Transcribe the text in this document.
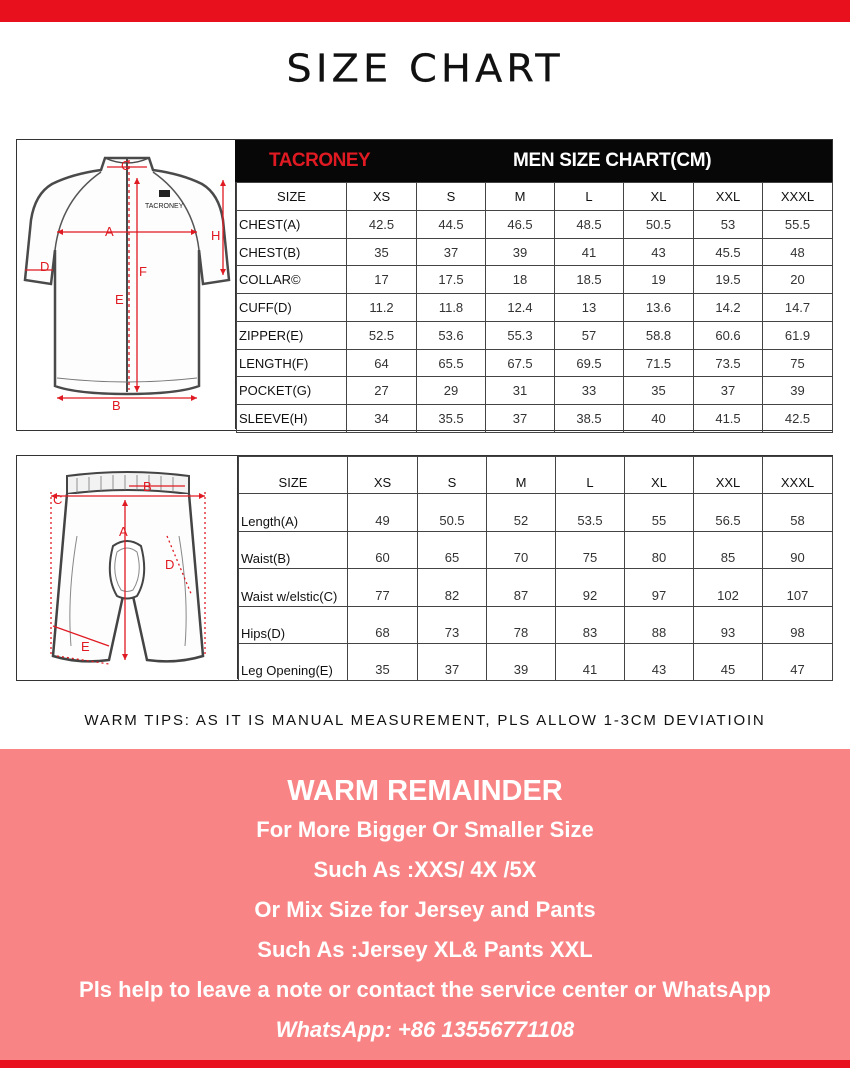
SIZE CHART
TACRONEY
C
A
D	F
E
H
B
TACRONEY	MEN SIZE CHART(CM)
SIZE	XS	S	M	L	XL	XXL	XXXL
CHEST(A)	42.5	44.5	46.5	48.5	50.5	53	55.5
CHEST(B)	35	37	39	41	43	45.5	48
COLLAR©	17	17.5	18	18.5	19	19.5	20
CUFF(D)	11.2	11.8	12.4	13	13.6	14.2	14.7
ZIPPER(E)	52.5	53.6	55.3	57	58.8	60.6	61.9
LENGTH(F)	64	65.5	67.5	69.5	71.5	73.5	75
POCKET(G)	27	29	31	33	35	37	39
SLEEVE(H)	34	35.5	37	38.5	40	41.5	42.5
C
B
A
D
E
SIZE	XS	S	M	L	XL	XXL	XXXL
Length(A)	49	50.5	52	53.5	55	56.5	58
Waist(B)	60	65	70	75	80	85	90
Waist w/elstic(C)	77	82	87	92	97	102	107
Hips(D)	68	73	78	83	88	93	98
Leg Opening(E)	35	37	39	41	43	45	47
WARM TIPS: AS IT IS MANUAL MEASUREMENT, PLS ALLOW 1-3CM DEVIATIOIN
WARM REMAINDER
For More Bigger Or Smaller Size
Such As :XXS/ 4X /5X
Or Mix Size for Jersey and Pants
Such As :Jersey XL& Pants XXL
Pls help to leave a note or contact the service center or WhatsApp
WhatsApp: +86 13556771108
